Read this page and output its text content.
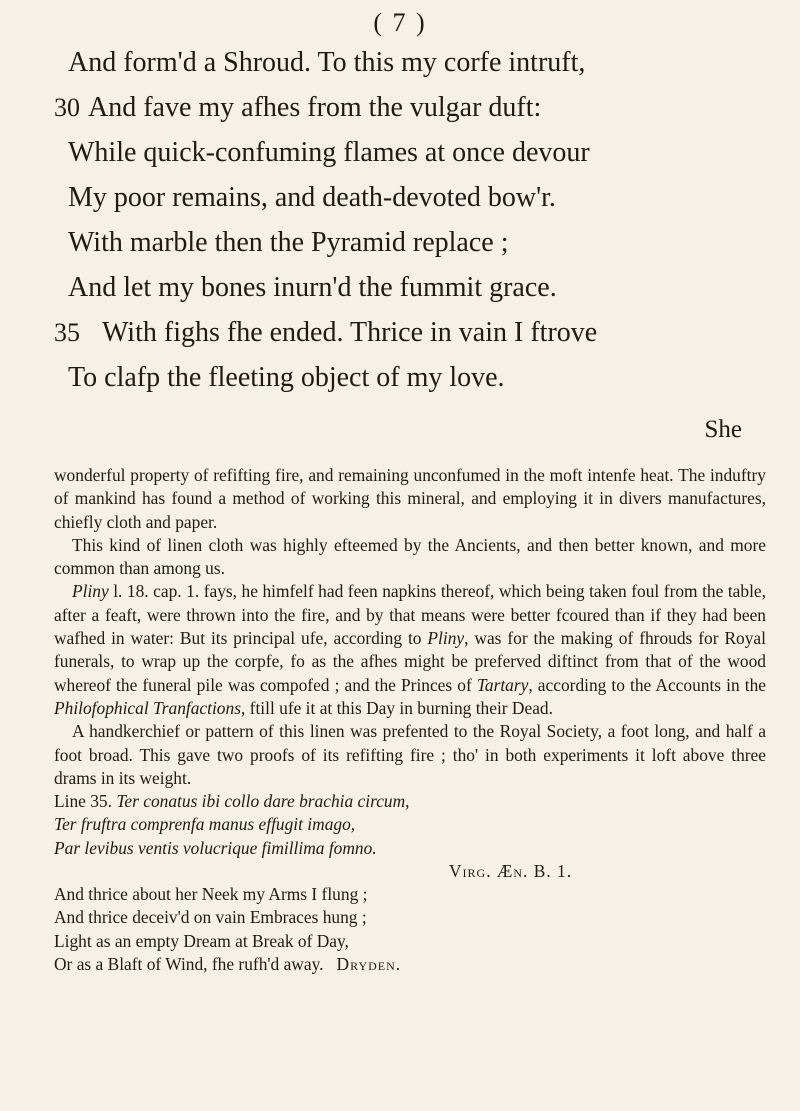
( 7 )
And form'd a Shroud. To this my corfe intruft,
30 And fave my afhes from the vulgar duft:
While quick-confuming flames at once devour
My poor remains, and death-devoted bow'r.
With marble then the Pyramid replace ;
And let my bones inurn'd the fummit grace.
35 With fighs fhe ended. Thrice in vain I ftrove
To clafp the fleeting object of my love.
She

wonderful property of refifting fire, and remaining unconfumed in the moft intenfe heat. The induftry of mankind has found a method of working this mineral, and employing it in divers manufactures, chiefly cloth and paper.

This kind of linen cloth was highly efteemed by the Ancients, and then better known, and more common than among us.

Pliny l. 18. cap. 1. fays, he himfelf had feen napkins thereof, which being taken foul from the table, after a feaft, were thrown into the fire, and by that means were better fcoured than if they had been wafhed in water: But its principal ufe, according to Pliny, was for the making of fhrouds for Royal funerals, to wrap up the corpfe, fo as the afhes might be preferved diftinct from that of the wood whereof the funeral pile was compofed ; and the Princes of Tartary, according to the Accounts in the Philofophical Tranfactions, ftill ufe it at this Day in burning their Dead.

A handkerchief or pattern of this linen was prefented to the Royal Society, a foot long, and half a foot broad. This gave two proofs of its refifting fire ; tho' in both experiments it loft above three drams in its weight.

Line 35. Ter conatus ibi collo dare brachia circum,

Ter fruftra comprenfa manus effugit imago,

Par levibus ventis volucrique fimillima fomno.

Virg. Æn. B. 1.

And thrice about her Neek my Arms I flung ;

And thrice deceiv'd on vain Embraces hung ;

Light as an empty Dream at Break of Day,

Or as a Blaft of Wind, fhe rufh'd away. Dryden.
